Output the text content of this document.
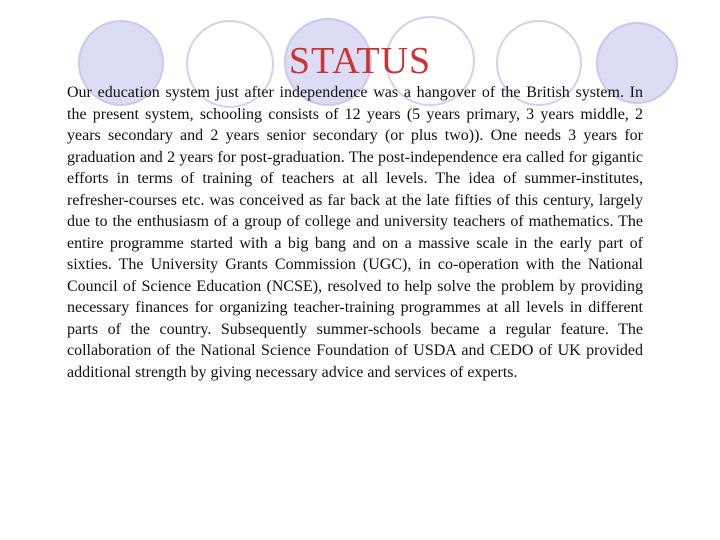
STATUS

Our education system just after independence was a hangover of the British system. In the present system, schooling consists of 12 years (5 years primary, 3 years middle, 2 years secondary and 2 years senior secondary (or plus two)). One needs 3 years for graduation and 2 years for post-graduation. The post-independence era called for gigantic efforts in terms of training of teachers at all levels. The idea of summer-institutes, refresher-courses etc. was conceived as far back at the late fifties of this century, largely due to the enthusiasm of a group of college and university teachers of mathematics. The entire programme started with a big bang and on a massive scale in the early part of sixties. The University Grants Commission (UGC), in co-operation with the National Council of Science Education (NCSE), resolved to help solve the problem by providing necessary finances for organizing teacher-training programmes at all levels in different parts of the country. Subsequently summer-schools became a regular feature. The collaboration of the National Science Foundation of USDA and CEDO of UK provided additional strength by giving necessary advice and services of experts.
